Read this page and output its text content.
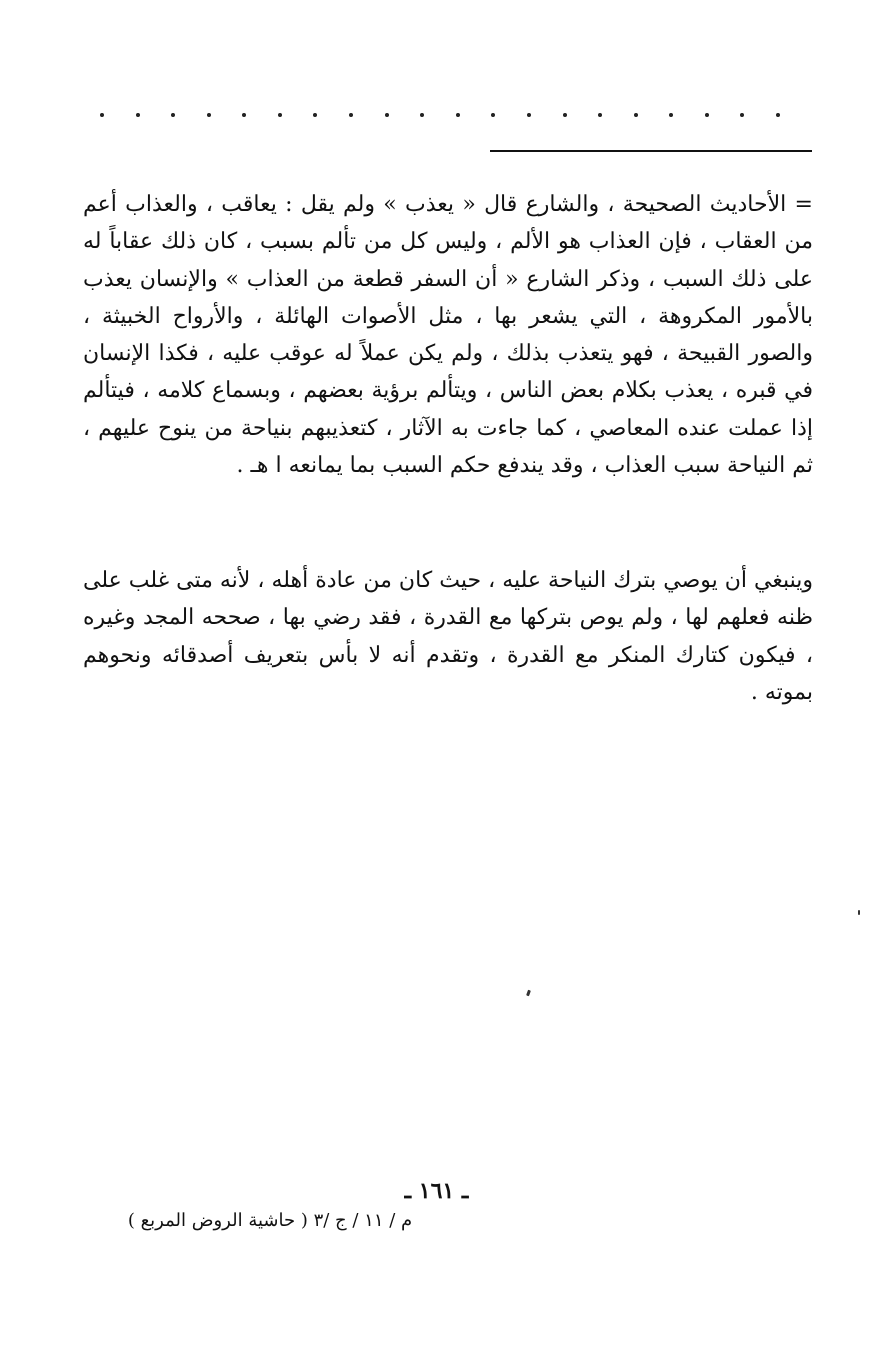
= الأحاديث الصحيحة ، والشارع قال « يعذب » ولم يقل : يعاقب ، والعذاب أعم من العقاب ، فإن العذاب هو الألم ، وليس كل من تألم بسبب ، كان ذلك عقاباً له على ذلك السبب ، وذكر الشارع « أن السفر قطعة من العذاب » والإنسان يعذب بالأمور المكروهة ، التي يشعر بها ، مثل الأصوات الهائلة ، والأرواح الخبيثة ، والصور القبيحة ، فهو يتعذب بذلك ، ولم يكن عملاً له عوقب عليه ، فكذا الإنسان في قبره ، يعذب بكلام بعض الناس ، ويتألم برؤية بعضهم ، وبسماع كلامه ، فيتألم إذا عملت عنده المعاصي ، كما جاءت به الآثار ، كتعذيبهم بنياحة من ينوح عليهم ، ثم النياحة سبب العذاب ، وقد يندفع حكم السبب بما يمانعه ا هـ .

وينبغي أن يوصي بترك النياحة عليه ، حيث كان من عادة أهله ، لأنه متى غلب على ظنه فعلهم لها ، ولم يوص بتركها مع القدرة ، فقد رضي بها ، صححه المجد وغيره ، فيكون كتارك المنكر مع القدرة ، وتقدم أنه لا بأس بتعريف أصدقائه ونحوهم بموته .

ـ ١٦١ ـ

م / ١١ / ج /٣ ( حاشية الروض المربع )
